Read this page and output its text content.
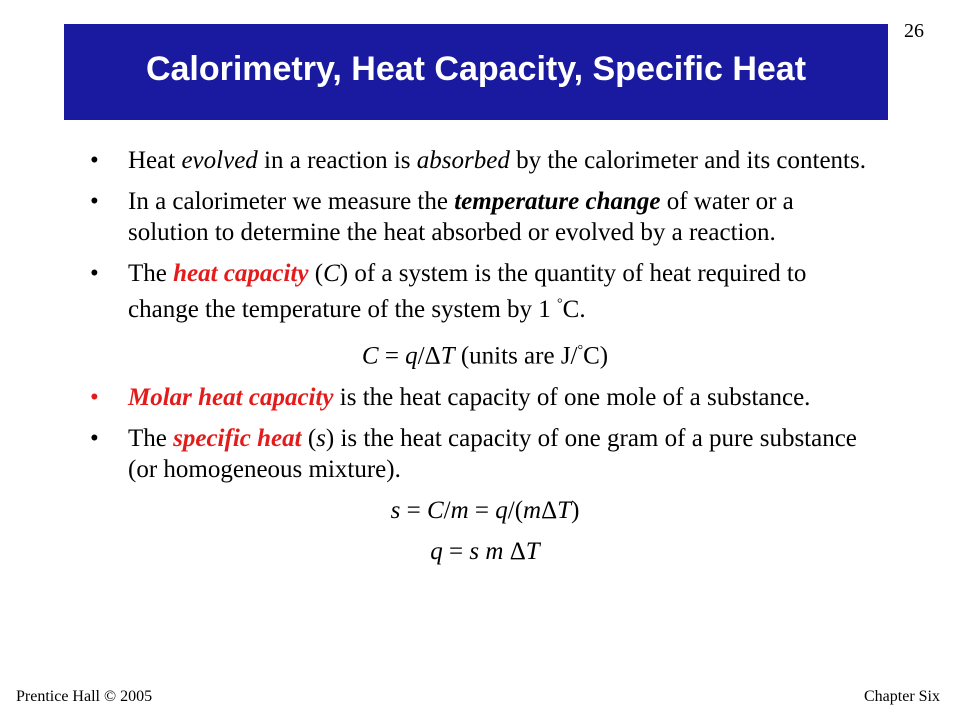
Calorimetry, Heat Capacity, Specific Heat
26
• Heat evolved in a reaction is absorbed by the calorimeter and its contents.
• In a calorimeter we measure the temperature change of water or a solution to determine the heat absorbed or evolved by a reaction.
• The heat capacity (C) of a system is the quantity of heat required to change the temperature of the system by 1 °C.
C = q/ΔT (units are J/°C)
• Molar heat capacity is the heat capacity of one mole of a substance.
• The specific heat (s) is the heat capacity of one gram of a pure substance (or homogeneous mixture).
s = C/m = q/(mΔT)
q = s m ΔT
Prentice Hall © 2005	Chapter Six
